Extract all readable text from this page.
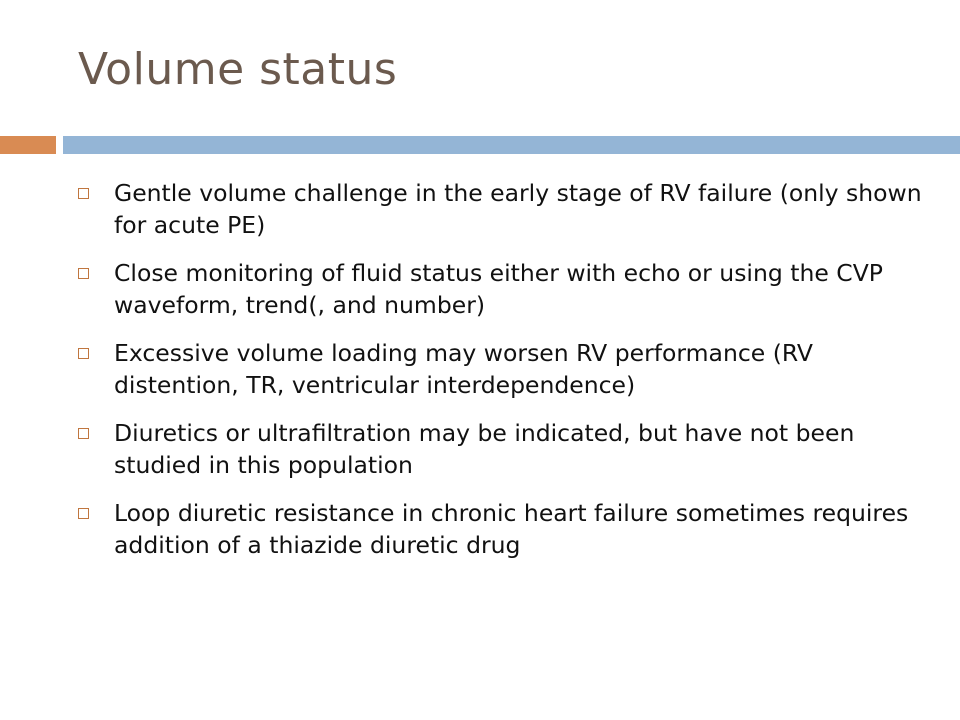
Volume status
Gentle volume challenge in the early stage of RV failure (only shown for acute PE)
Close monitoring of fluid status either with echo or using the CVP waveform, trend(, and number)
Excessive volume loading may worsen RV performance (RV distention, TR, ventricular interdependence)
Diuretics or ultrafiltration may be indicated, but have not been studied in this population
Loop diuretic resistance in chronic heart failure sometimes requires addition of a thiazide diuretic drug
